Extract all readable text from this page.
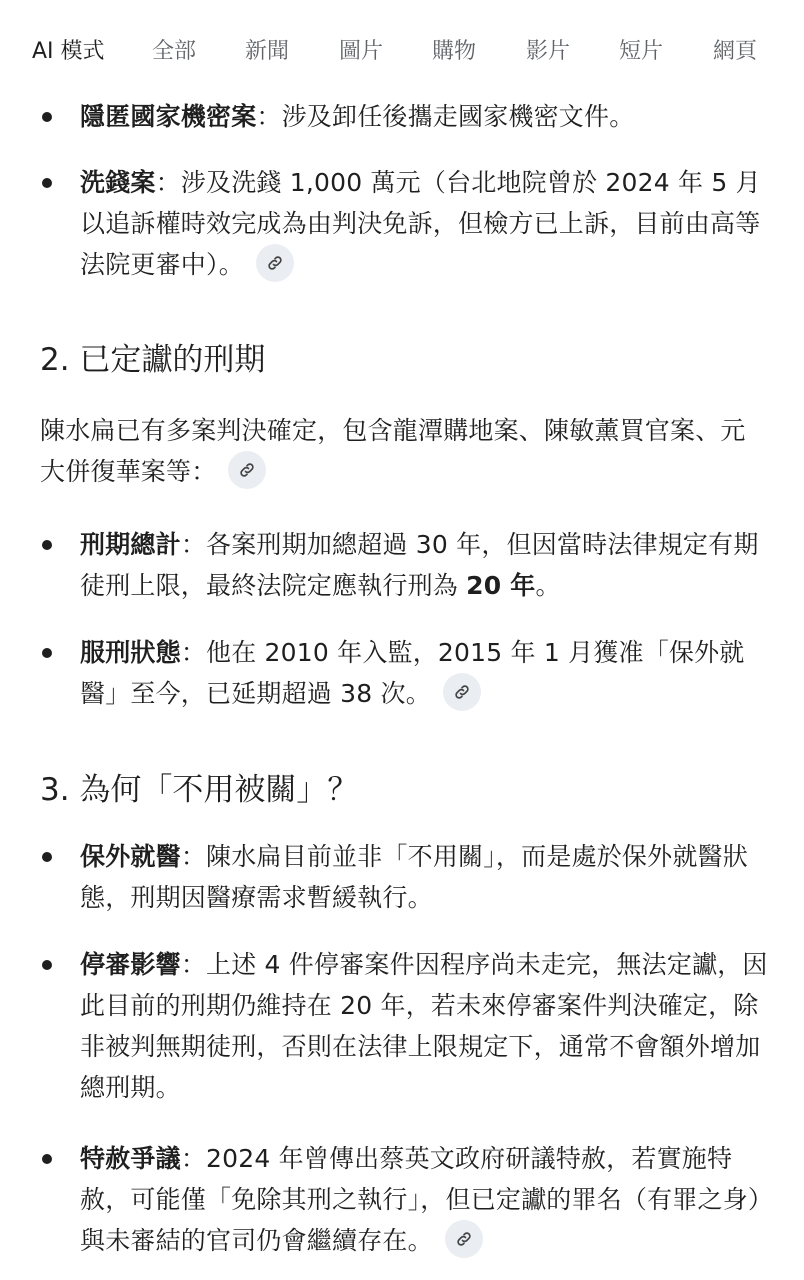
AI 模式 全部 新聞 圖片 購物 影片 短片 網頁
隱匿國家機密案：涉及卸任後攜走國家機密文件。
洗錢案：涉及洗錢 1,000 萬元（台北地院曾於 2024 年 5 月以追訴權時效完成為由判決免訴，但檢方已上訴，目前由高等法院更審中）。
2. 已定讞的刑期
陳水扁已有多案判決確定，包含龍潭購地案、陳敏薰買官案、元大併復華案等：
刑期總計：各案刑期加總超過 30 年，但因當時法律規定有期徒刑上限，最終法院定應執行刑為 20 年。
服刑狀態：他在 2010 年入監，2015 年 1 月獲准「保外就醫」至今，已延期超過 38 次。
3. 為何「不用被關」？
保外就醫：陳水扁目前並非「不用關」，而是處於保外就醫狀態，刑期因醫療需求暫緩執行。
停審影響：上述 4 件停審案件因程序尚未走完，無法定讞，因此目前的刑期仍維持在 20 年，若未來停審案件判決確定，除非被判無期徒刑，否則在法律上限規定下，通常不會額外增加總刑期。
特赦爭議：2024 年曾傳出蔡英文政府研議特赦，若實施特赦，可能僅「免除其刑之執行」，但已定讞的罪名（有罪之身）與未審結的官司仍會繼續存在。
